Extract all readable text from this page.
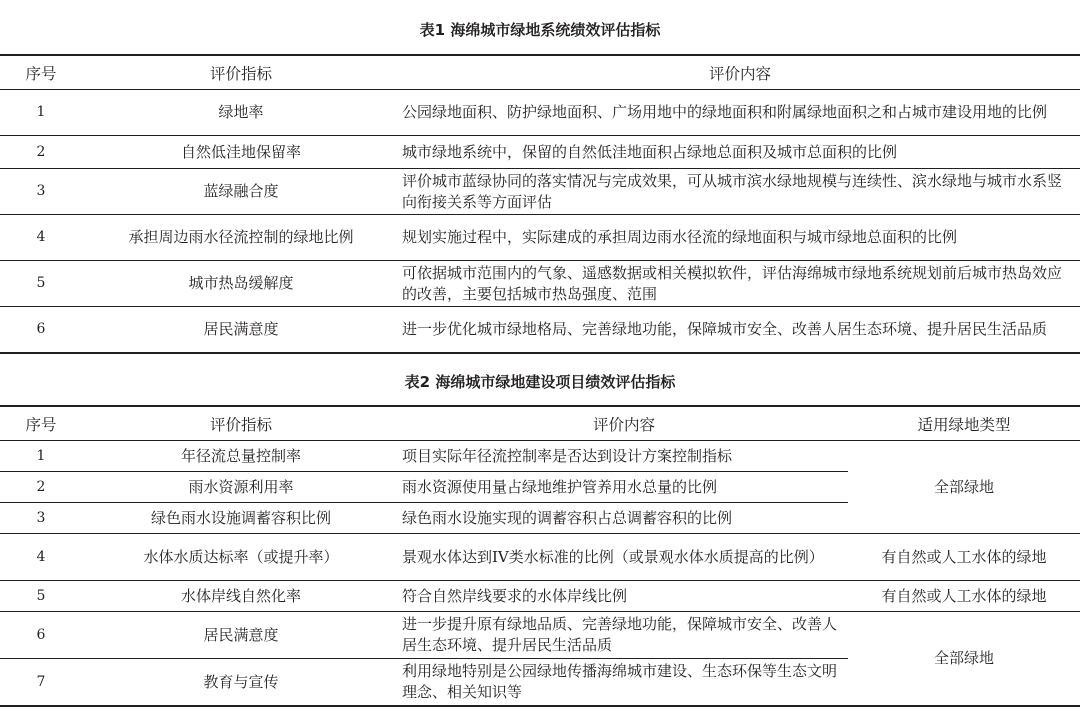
表1 海绵城市绿地系统绩效评估指标
序号	评价指标	评价内容
1	绿地率	公园绿地面积、防护绿地面积、广场用地中的绿地面积和附属绿地面积之和占城市建设用地的比例
2	自然低洼地保留率	城市绿地系统中，保留的自然低洼地面积占绿地总面积及城市总面积的比例
3	蓝绿融合度	评价城市蓝绿协同的落实情况与完成效果，可从城市滨水绿地规模与连续性、滨水绿地与城市水系竖向衔接关系等方面评估
4	承担周边雨水径流控制的绿地比例	规划实施过程中，实际建成的承担周边雨水径流的绿地面积与城市绿地总面积的比例
5	城市热岛缓解度	可依据城市范围内的气象、遥感数据或相关模拟软件，评估海绵城市绿地系统规划前后城市热岛效应的改善，主要包括城市热岛强度、范围
6	居民满意度	进一步优化城市绿地格局、完善绿地功能，保障城市安全、改善人居生态环境、提升居民生活品质
表2 海绵城市绿地建设项目绩效评估指标
序号	评价指标	评价内容	适用绿地类型
1	年径流总量控制率	项目实际年径流控制率是否达到设计方案控制指标	全部绿地
2	雨水资源利用率	雨水资源使用量占绿地维护管养用水总量的比例	
3	绿色雨水设施调蓄容积比例	绿色雨水设施实现的调蓄容积占总调蓄容积的比例	
4	水体水质达标率（或提升率）	景观水体达到IV类水标准的比例（或景观水体水质提高的比例）	有自然或人工水体的绿地
5	水体岸线自然化率	符合自然岸线要求的水体岸线比例	有自然或人工水体的绿地
6	居民满意度	进一步提升原有绿地品质、完善绿地功能，保障城市安全、改善人居生态环境、提升居民生活品质	全部绿地
7	教育与宣传	利用绿地特别是公园绿地传播海绵城市建设、生态环保等生态文明理念、相关知识等	
